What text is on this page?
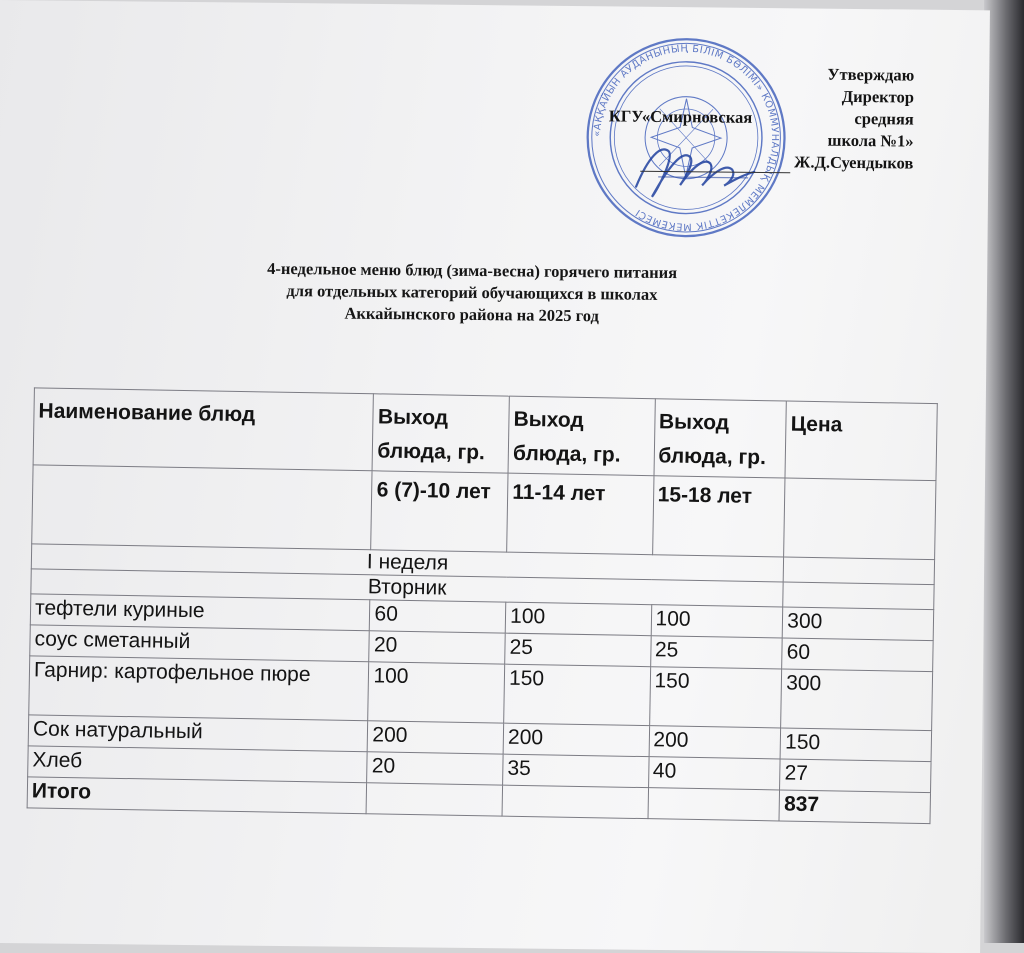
«АҚҚАЙЫН АУДАНЫНЫҢ БІЛІМ БӨЛІМІ» КОММУНАЛДЫҚ МЕМЛЕКЕТТІК МЕКЕМЕСІ
Утверждаю
Директор
КГУ«Смирновская	средняя
школа №1»
Ж.Д.Суендыков
4-недельное меню блюд (зима-весна) горячего питания
для отдельных категорий обучающихся в школах
Аккайынского района на 2025 год
Наименование блюд	Выход блюда, гр.	Выход блюда, гр.	Выход блюда, гр.	Цена
	6 (7)-10 лет	11-14 лет	15-18 лет	
I неделя				
Вторник				
тефтели куриные	60	100	100	300
соус сметанный	20	25	25	60
Гарнир: картофельное пюре	100	150	150	300
Сок натуральный	200	200	200	150
Хлеб	20	35	40	27
Итого				837
